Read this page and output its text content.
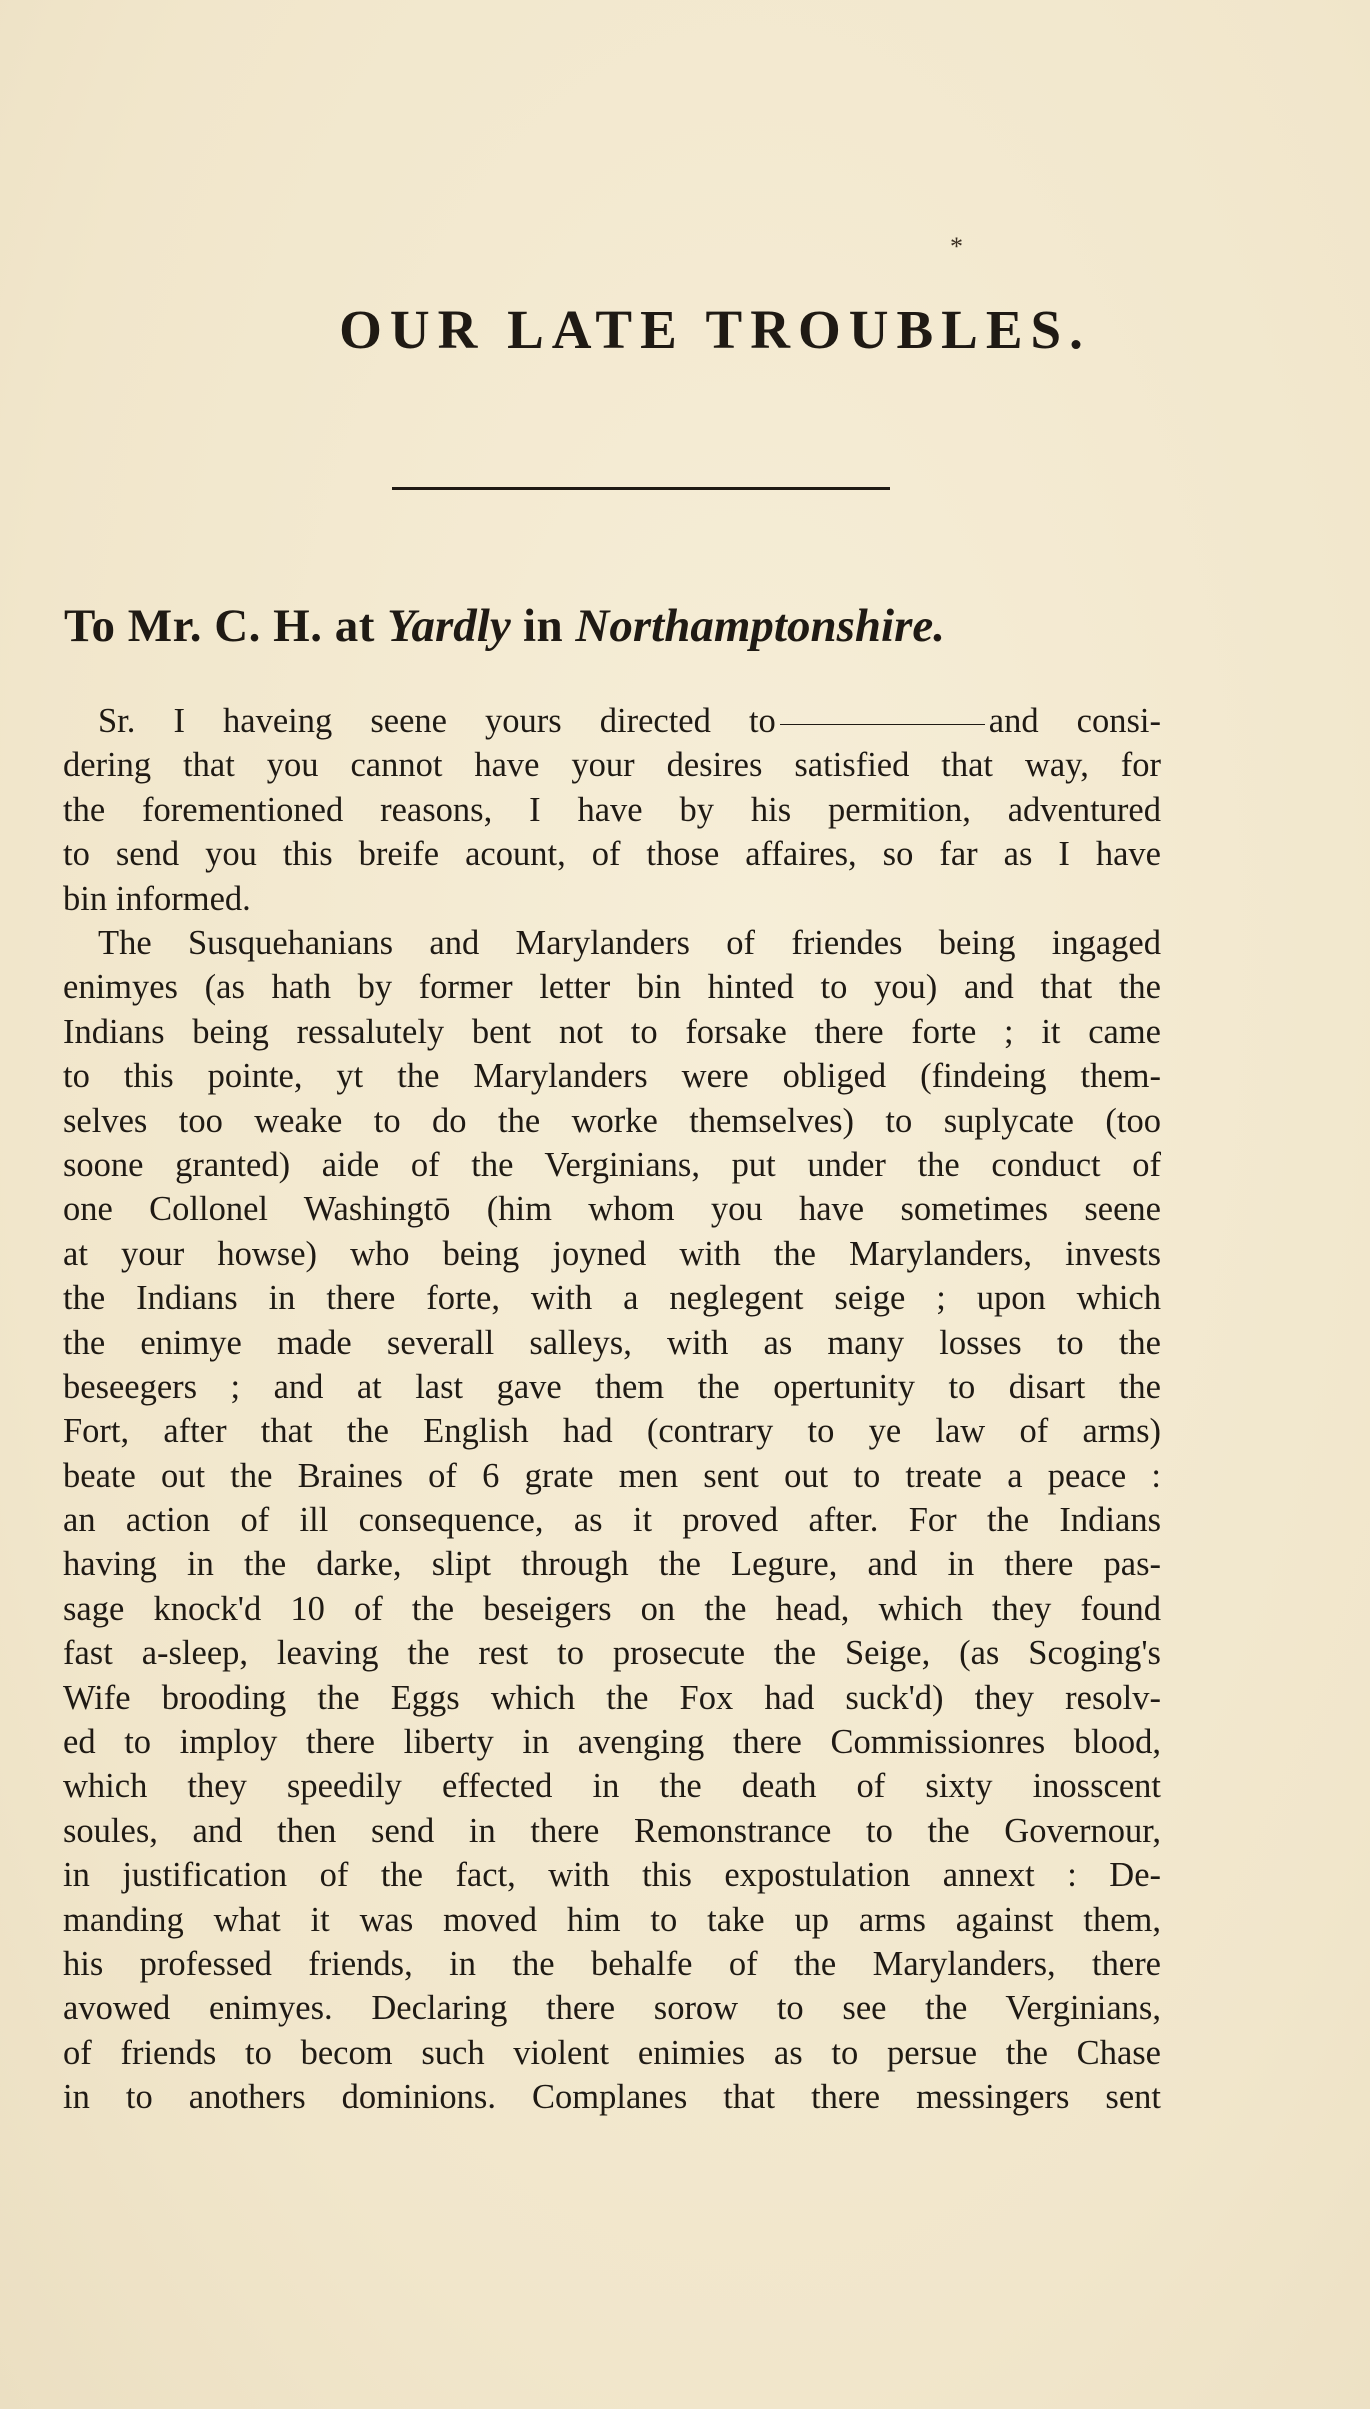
*
OUR LATE TROUBLES.
To Mr. C. H. at Yardly in Northamptonshire.
Sr. I haveing seene yours directed to	and consi-
dering that you cannot have your desires satisfied that way, for
the forementioned reasons, I have by his permition, adventured
to send you this breife acount, of those affaires, so far as I have
bin informed.
The Susquehanians and Marylanders of friendes being ingaged
enimyes (as hath by former letter bin hinted to you) and that the
Indians being ressalutely bent not to forsake there forte ; it came
to this pointe, yt the Marylanders were obliged (findeing them-
selves too weake to do the worke themselves) to suplycate (too
soone granted) aide of the Verginians, put under the conduct of
one Collonel Washingtō (him whom you have sometimes seene
at your howse) who being joyned with the Marylanders, invests
the Indians in there forte, with a neglegent seige ; upon which
the enimye made severall salleys, with as many losses to the
beseegers ; and at last gave them the opertunity to disart the
Fort, after that the English had (contrary to ye law of arms)
beate out the Braines of 6 grate men sent out to treate a peace :
an action of ill consequence, as it proved after. For the Indians
having in the darke, slipt through the Legure, and in there pas-
sage knock'd 10 of the beseigers on the head, which they found
fast a-sleep, leaving the rest to prosecute the Seige, (as Scoging's
Wife brooding the Eggs which the Fox had suck'd) they resolv-
ed to imploy there liberty in avenging there Commissionres blood,
which they speedily effected in the death of sixty inosscent
soules, and then send in there Remonstrance to the Governour,
in justification of the fact, with this expostulation annext : De-
manding what it was moved him to take up arms against them,
his professed friends, in the behalfe of the Marylanders, there
avowed enimyes. Declaring there sorow to see the Verginians,
of friends to becom such violent enimies as to persue the Chase
in to anothers dominions. Complanes that there messingers sent
